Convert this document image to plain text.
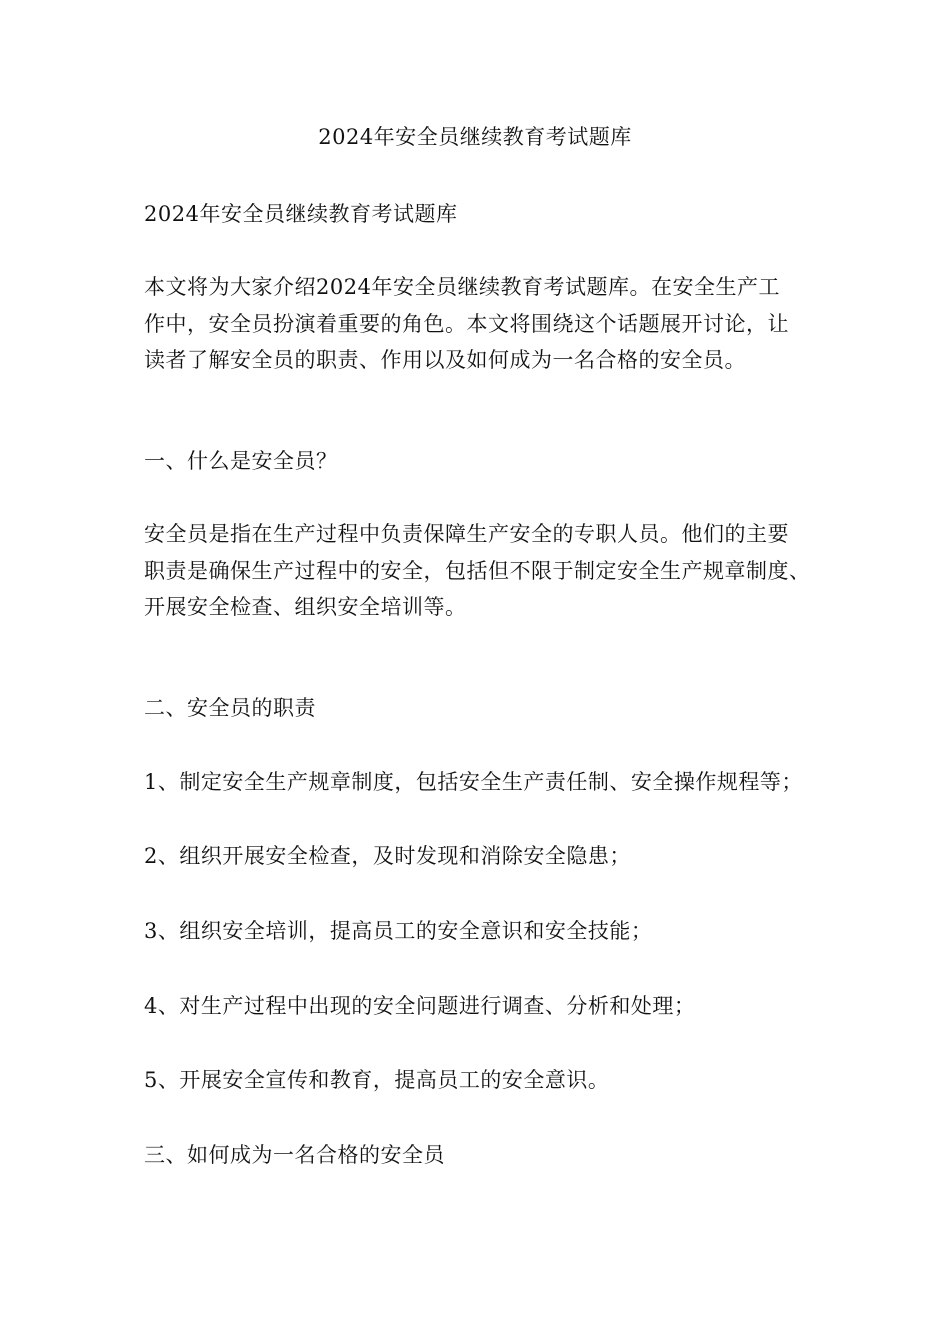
2024年安全员继续教育考试题库

2024年安全员继续教育考试题库

本文将为大家介绍2024年安全员继续教育考试题库。在安全生产工

作中，安全员扮演着重要的角色。本文将围绕这个话题展开讨论，让

读者了解安全员的职责、作用以及如何成为一名合格的安全员。

一、什么是安全员？

安全员是指在生产过程中负责保障生产安全的专职人员。他们的主要

职责是确保生产过程中的安全，包括但不限于制定安全生产规章制度、

开展安全检查、组织安全培训等。

二、安全员的职责

1、制定安全生产规章制度，包括安全生产责任制、安全操作规程等；

2、组织开展安全检查，及时发现和消除安全隐患；

3、组织安全培训，提高员工的安全意识和安全技能；

4、对生产过程中出现的安全问题进行调查、分析和处理；

5、开展安全宣传和教育，提高员工的安全意识。

三、如何成为一名合格的安全员
